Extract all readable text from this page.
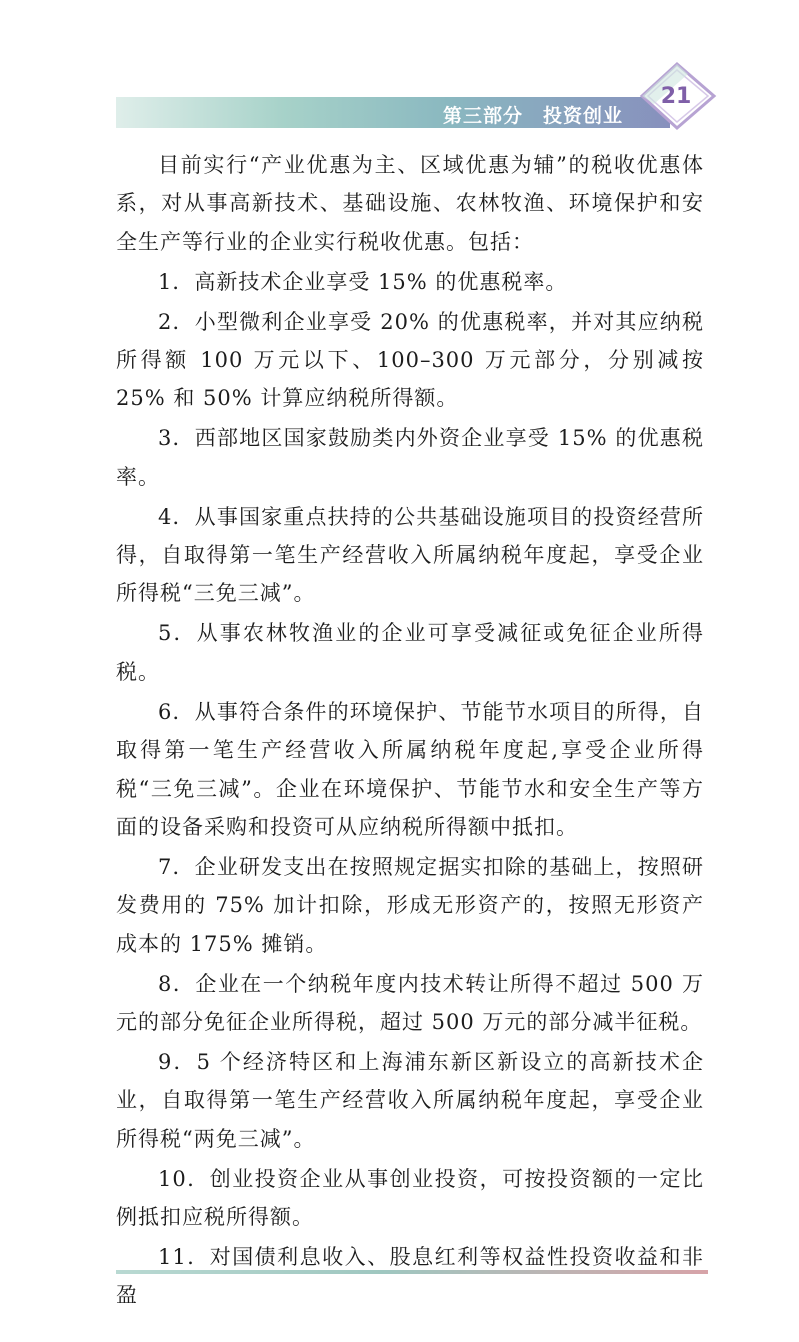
第三部分　投资创业
21

目前实行“产业优惠为主、区域优惠为辅”的税收优惠体系，对从事高新技术、基础设施、农林牧渔、环境保护和安全生产等行业的企业实行税收优惠。包括：

1．高新技术企业享受 15% 的优惠税率。

2．小型微利企业享受 20% 的优惠税率，并对其应纳税所得额 100 万元以下、100–300 万元部分，分别减按 25% 和 50% 计算应纳税所得额。

3．西部地区国家鼓励类内外资企业享受 15% 的优惠税率。

4．从事国家重点扶持的公共基础设施项目的投资经营所得，自取得第一笔生产经营收入所属纳税年度起，享受企业所得税“三免三减”。

5．从事农林牧渔业的企业可享受减征或免征企业所得税。

6．从事符合条件的环境保护、节能节水项目的所得，自取得第一笔生产经营收入所属纳税年度起,享受企业所得税“三免三减”。企业在环境保护、节能节水和安全生产等方面的设备采购和投资可从应纳税所得额中抵扣。

7．企业研发支出在按照规定据实扣除的基础上，按照研发费用的 75% 加计扣除，形成无形资产的，按照无形资产成本的 175% 摊销。

8．企业在一个纳税年度内技术转让所得不超过 500 万元的部分免征企业所得税，超过 500 万元的部分减半征税。

9．5 个经济特区和上海浦东新区新设立的高新技术企业，自取得第一笔生产经营收入所属纳税年度起，享受企业所得税“两免三减”。

10．创业投资企业从事创业投资，可按投资额的一定比例抵扣应税所得额。

11．对国债利息收入、股息红利等权益性投资收益和非盈
